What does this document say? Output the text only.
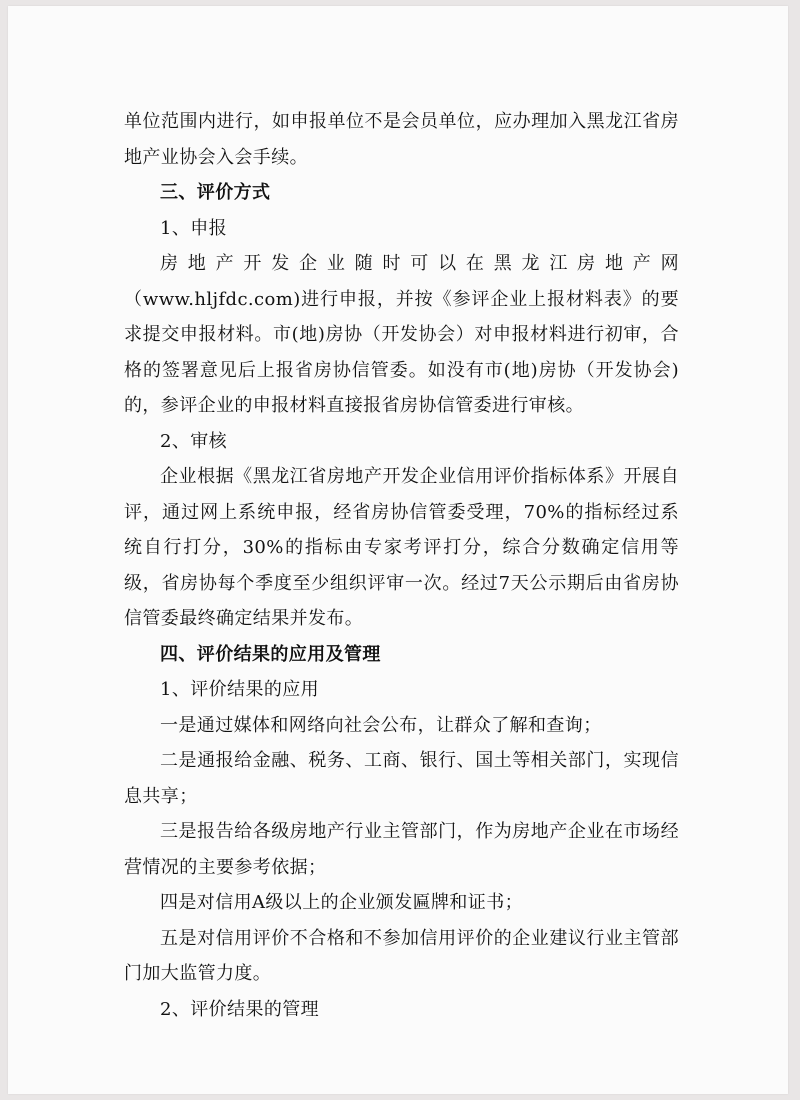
单位范围内进行，如申报单位不是会员单位，应办理加入黑龙江省房地产业协会入会手续。

三、评价方式

1、申报

房地产开发企业随时可以在黑龙江房地产网（www.hljfdc.com)进行申报，并按《参评企业上报材料表》的要求提交申报材料。市(地)房协（开发协会）对申报材料进行初审，合格的签署意见后上报省房协信管委。如没有市(地)房协（开发协会)的，参评企业的申报材料直接报省房协信管委进行审核。

2、审核

企业根据《黑龙江省房地产开发企业信用评价指标体系》开展自评，通过网上系统申报，经省房协信管委受理，70%的指标经过系统自行打分，30%的指标由专家考评打分，综合分数确定信用等级，省房协每个季度至少组织评审一次。经过7天公示期后由省房协信管委最终确定结果并发布。

四、评价结果的应用及管理

1、评价结果的应用

一是通过媒体和网络向社会公布，让群众了解和查询；

二是通报给金融、税务、工商、银行、国土等相关部门，实现信息共享；

三是报告给各级房地产行业主管部门，作为房地产企业在市场经营情况的主要参考依据；

四是对信用A级以上的企业颁发匾牌和证书；

五是对信用评价不合格和不参加信用评价的企业建议行业主管部门加大监管力度。

2、评价结果的管理
